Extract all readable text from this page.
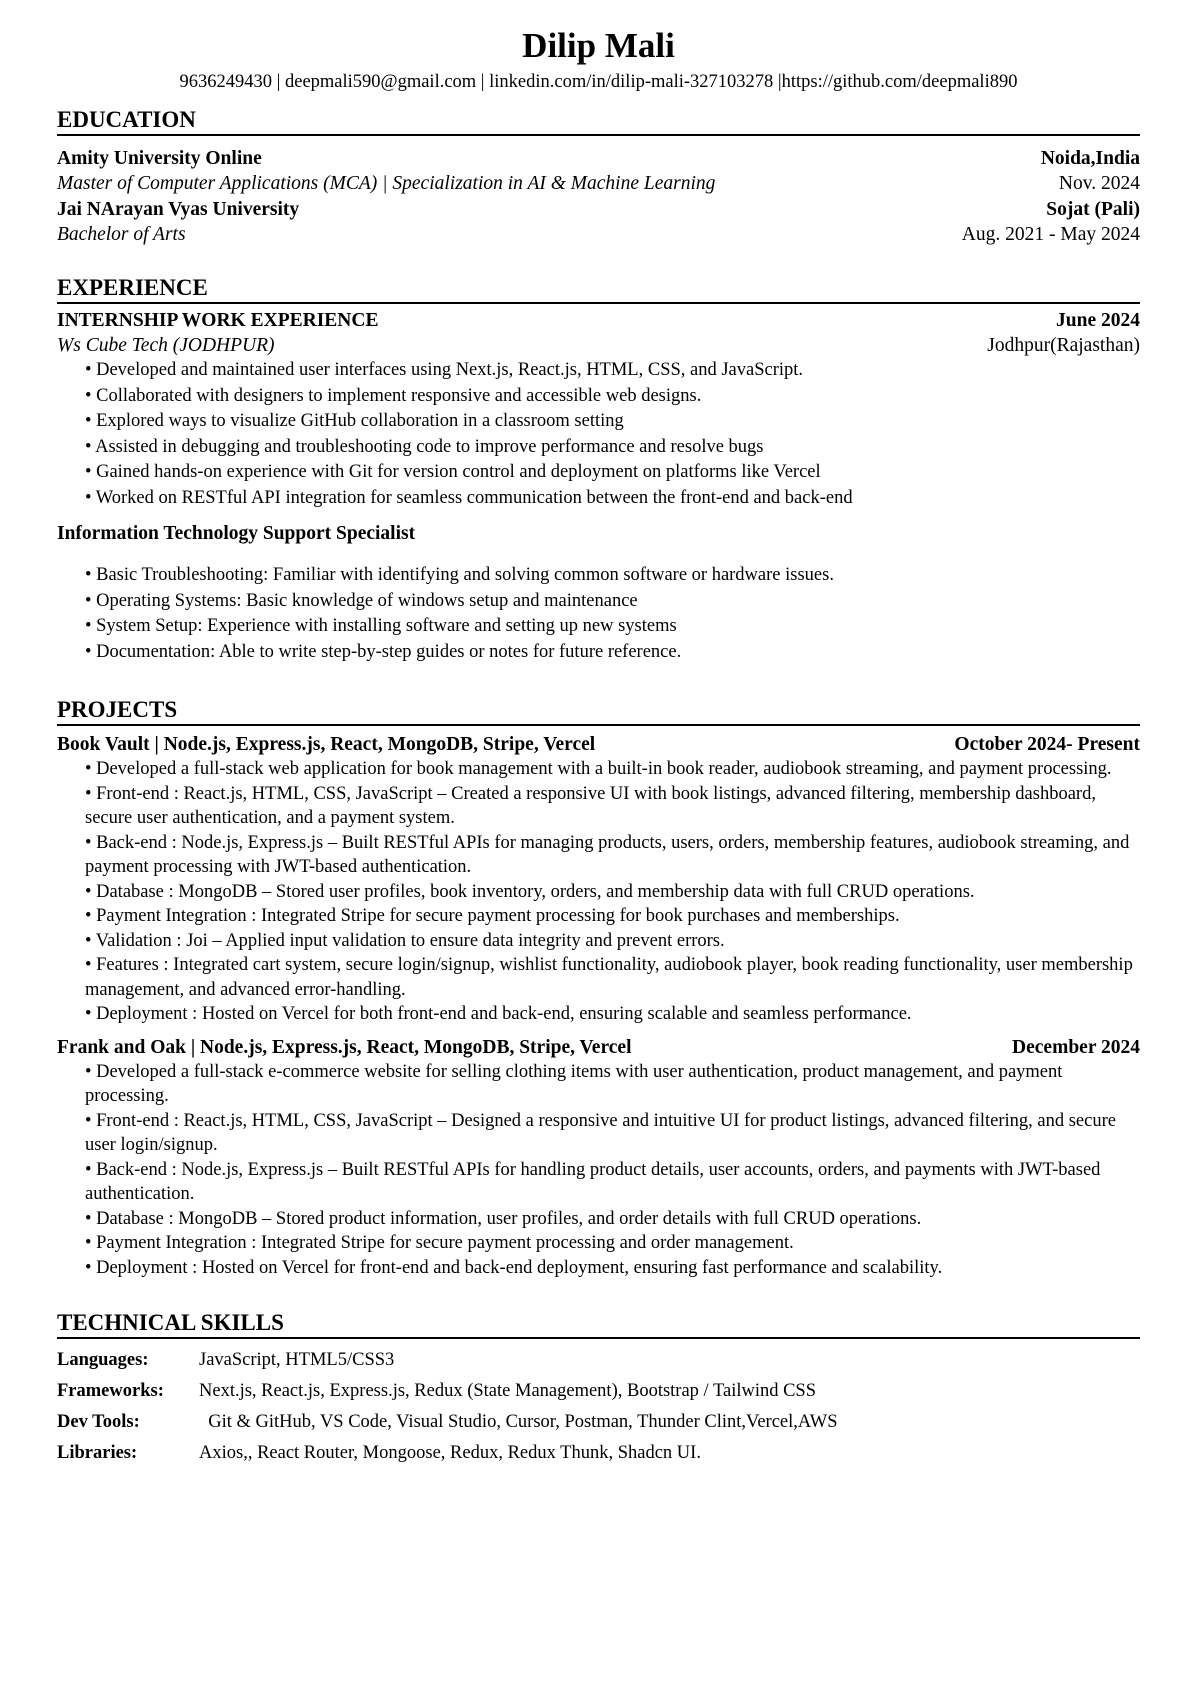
Dilip Mali
9636249430 | deepmali590@gmail.com | linkedin.com/in/dilip-mali-327103278 |https://github.com/deepmali890
EDUCATION
Amity University Online	Noida,India
Master of Computer Applications (MCA) | Specialization in AI & Machine Learning	Nov. 2024
Jai NArayan Vyas University	Sojat (Pali)
Bachelor of Arts	Aug. 2021 - May 2024
EXPERIENCE
INTERNSHIP WORK EXPERIENCE	June 2024
Ws Cube Tech (JODHPUR)	Jodhpur(Rajasthan)
• Developed and maintained user interfaces using Next.js, React.js, HTML, CSS, and JavaScript.
• Collaborated with designers to implement responsive and accessible web designs.
• Explored ways to visualize GitHub collaboration in a classroom setting
• Assisted in debugging and troubleshooting code to improve performance and resolve bugs
• Gained hands-on experience with Git for version control and deployment on platforms like Vercel
• Worked on RESTful API integration for seamless communication between the front-end and back-end
Information Technology Support Specialist
• Basic Troubleshooting: Familiar with identifying and solving common software or hardware issues.
• Operating Systems: Basic knowledge of windows setup and maintenance
• System Setup: Experience with installing software and setting up new systems
• Documentation: Able to write step-by-step guides or notes for future reference.
PROJECTS
Book Vault | Node.js, Express.js, React, MongoDB, Stripe, Vercel	October 2024- Present
• Developed a full-stack web application for book management with a built-in book reader, audiobook streaming, and payment processing.
• Front-end : React.js, HTML, CSS, JavaScript – Created a responsive UI with book listings, advanced filtering, membership dashboard, secure user authentication, and a payment system.
• Back-end : Node.js, Express.js – Built RESTful APIs for managing products, users, orders, membership features, audiobook streaming, and payment processing with JWT-based authentication.
• Database : MongoDB – Stored user profiles, book inventory, orders, and membership data with full CRUD operations.
• Payment Integration : Integrated Stripe for secure payment processing for book purchases and memberships.
• Validation : Joi – Applied input validation to ensure data integrity and prevent errors.
• Features : Integrated cart system, secure login/signup, wishlist functionality, audiobook player, book reading functionality, user membership management, and advanced error-handling.
• Deployment : Hosted on Vercel for both front-end and back-end, ensuring scalable and seamless performance.
Frank and Oak | Node.js, Express.js, React, MongoDB, Stripe, Vercel	December 2024
• Developed a full-stack e-commerce website for selling clothing items with user authentication, product management, and payment processing.
• Front-end : React.js, HTML, CSS, JavaScript – Designed a responsive and intuitive UI for product listings, advanced filtering, and secure user login/signup.
• Back-end : Node.js, Express.js – Built RESTful APIs for handling product details, user accounts, orders, and payments with JWT-based authentication.
• Database : MongoDB – Stored product information, user profiles, and order details with full CRUD operations.
• Payment Integration : Integrated Stripe for secure payment processing and order management.
• Deployment : Hosted on Vercel for front-end and back-end deployment, ensuring fast performance and scalability.
TECHNICAL SKILLS
Languages:	JavaScript, HTML5/CSS3
Frameworks:	Next.js, React.js, Express.js, Redux (State Management), Bootstrap / Tailwind CSS
Dev Tools:	Git & GitHub, VS Code, Visual Studio, Cursor, Postman, Thunder Clint,Vercel,AWS
Libraries:	Axios,, React Router, Mongoose, Redux, Redux Thunk, Shadcn UI.
